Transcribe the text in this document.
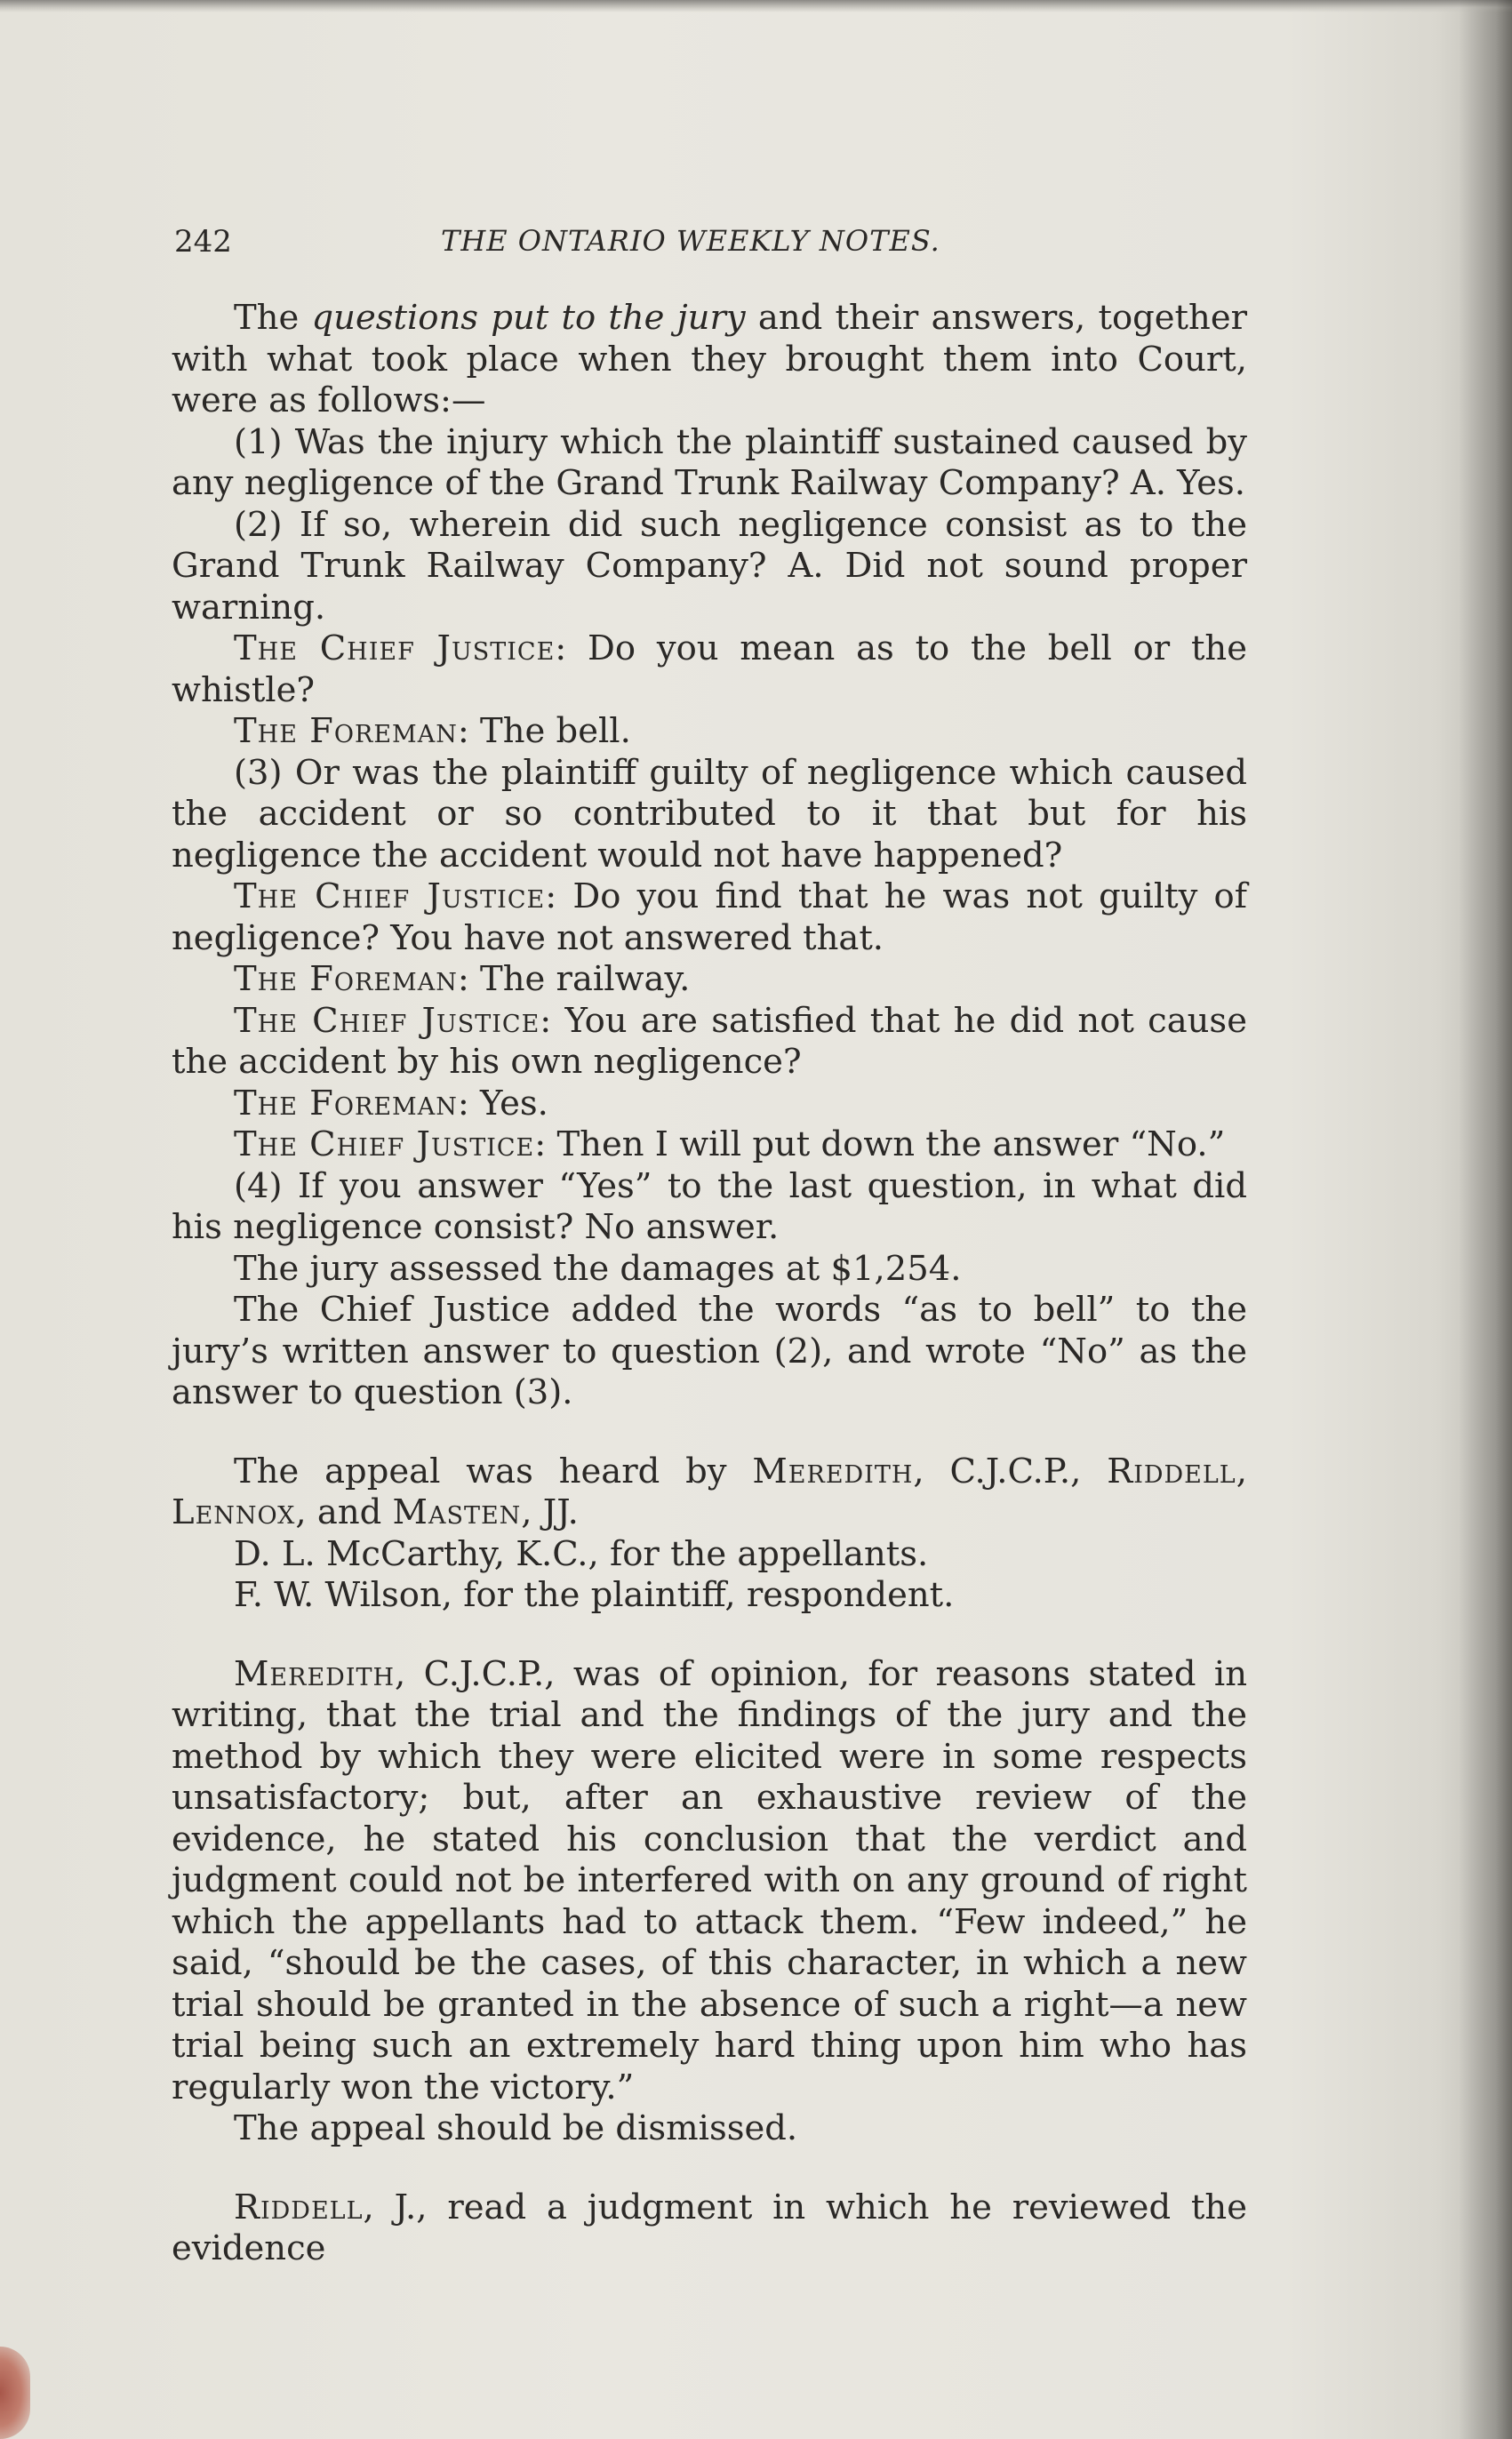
242	THE ONTARIO WEEKLY NOTES.

The questions put to the jury and their answers, together with what took place when they brought them into Court, were as follows:—

(1) Was the injury which the plaintiff sustained caused by any negligence of the Grand Trunk Railway Company? A. Yes.

(2) If so, wherein did such negligence consist as to the Grand Trunk Railway Company? A. Did not sound proper warning.

The Chief Justice: Do you mean as to the bell or the whistle?

The Foreman: The bell.

(3) Or was the plaintiff guilty of negligence which caused the accident or so contributed to it that but for his negligence the accident would not have happened?

The Chief Justice: Do you find that he was not guilty of negligence? You have not answered that.

The Foreman: The railway.

The Chief Justice: You are satisfied that he did not cause the accident by his own negligence?

The Foreman: Yes.

The Chief Justice: Then I will put down the answer “No.”

(4) If you answer “Yes” to the last question, in what did his negligence consist? No answer.

The jury assessed the damages at $1,254.

The Chief Justice added the words “as to bell” to the jury’s written answer to question (2), and wrote “No” as the answer to question (3).

The appeal was heard by Meredith, C.J.C.P., Riddell, Lennox, and Masten, JJ.

D. L. McCarthy, K.C., for the appellants.

F. W. Wilson, for the plaintiff, respondent.

Meredith, C.J.C.P., was of opinion, for reasons stated in writing, that the trial and the findings of the jury and the method by which they were elicited were in some respects unsatisfactory; but, after an exhaustive review of the evidence, he stated his conclusion that the verdict and judgment could not be interfered with on any ground of right which the appellants had to attack them. “Few indeed,” he said, “should be the cases, of this character, in which a new trial should be granted in the absence of such a right—a new trial being such an extremely hard thing upon him who has regularly won the victory.”

The appeal should be dismissed.

Riddell, J., read a judgment in which he reviewed the evidence
